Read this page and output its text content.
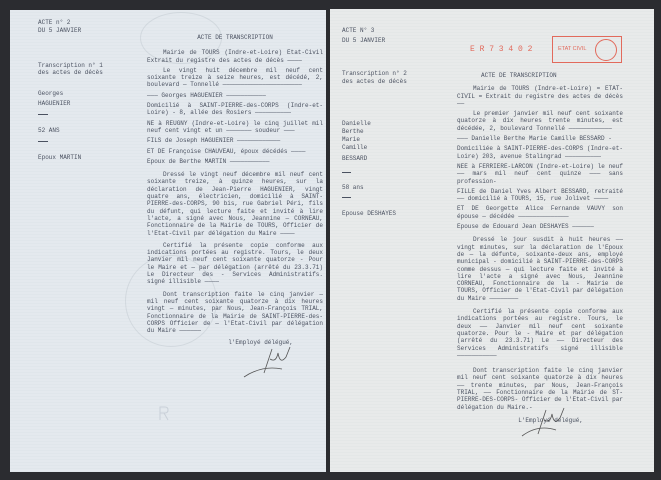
ACTE n° 2
DU 5 JANVIER
Transcription n° 1
des actes de décès
Georges
HAGUENIER
52 ANS
Epoux MARTIN

ACTE DE TRANSCRIPTION

Mairie de TOURS (Indre-et-Loire) Etat-Civil Extrait du registre des actes de décès ————

Le vingt huit décembre mil neuf cent soixante treize à seize heures, est décédé, 2, boulevard — Tonnellé ——————————————————————

——— Georges HAGUENIER ———————————

Domicilié à SAINT-PIERRE-des-CORPS (Indre-et-Loire) - 8, allée des Rosiers ——————————

NE à REUGNY (Indre-et-Loire) le cinq juillet mil neuf cent vingt et un ——————— soudeur ———

FILS de Joseph HAGUENIER ————————————

ET DE Françoise CHAUVEAU, époux décédés ————

Epoux de Berthe MARTIN ———————————

Dressé le vingt neuf décembre mil neuf cent soixante treize, à quinze heures, sur la déclaration de Jean-Pierre HAGUENIER, vingt quatre ans, électricien, domicilié à SAINT-PIERRE-des-CORPS, 90 bis, rue Gabriel Péri, fils du défunt, qui lecture faite et invité à lire l'acte, a signé avec Nous, Jeannine — CORNEAU, Fonctionnaire de la Mairie de TOURS, Officier de l'Etat-Civil par délégation du Maire ————

Certifié la présente copie conforme aux indications portées au registre. Tours, le deux Janvier mil neuf cent soixante quatorze - Pour le Maire et — par délégation (arrêté du 23.3.71) Le Directeur des - Services Administratifs. signé illisible ————

Dont transcription faite le cinq janvier — mil neuf cent soixante quatorze à dix heures vingt — minutes, par Nous, Jean-François TRIAL, Fonctionnaire de la Mairie de SAINT-PIERRE-des-CORPS Officier de — l'Etat-Civil par délégation du Maire ——————

l'Employé délégué,

ACTE N° 3
DU 5 JANVIER
E R 7 3 4 0 2	ETAT CIVIL
Transcription n° 2
des actes de décès
Danielle
Berthe
Marie
Camille
BESSARD
58 ans
Epouse DESHAYES

ACTE DE TRANSCRIPTION

Mairie de TOURS (Indre-et-Loire) = ETAT-CIVIL = Extrait du registre des actes de décès ——

Le premier janvier mil neuf cent soixante quatorze à dix heures trente minutes, est décédée, 2, boulevard Tonnellé ————————————

——— Danielle Berthe Marie Camille BESSARD -

Domiciliée à SAINT-PIERRE-des-CORPS (Indre-et-Loire) 203, avenue Stalingrad ——————————

NEE à FERRIERE-LARCON (Indre-et-Loire) le neuf —— mars mil neuf cent quinze ——— sans profession-

FILLE de Daniel Yves Albert BESSARD, retraité —— domicilié à TOURS, 15, rue Jolivet ————

ET DE Georgette Alice Fernande VAUVY son épouse — décédée ——————————————

Epouse de Edouard Jean DESHAYES ——————

Dressé le jour susdit à huit heures —— vingt minutes, sur la déclaration de l'Epoux de — la défunte, soixante-deux ans, employé municipal - domicilié à SAINT-PIERRE-des-CORPS comme dessus — qui lecture faite et invité à lire l'acte a signé avec Nous, Jeannine CORNEAU, Fonctionnaire de la - Mairie de TOURS, Officier de l'Etat-Civil par délégation du Maire ————————

Certifié la présente copie conforme aux indications portées au registre. Tours, le deux —— Janvier mil neuf cent soixante quatorze. Pour le - Maire et par délégation (arrêté du 23.3.71) Le —— Directeur des Services Administratifs signé illisible ———————————

Dont transcription faite le cinq janvier mil neuf cent soixante quatorze à dix heures —— trente minutes, par Nous, Jean-François TRIAL, —— Fonctionnaire de la Mairie de ST-PIERRE-DES-CORPS- Officier de l'Etat-Civil par délégation du Maire.-

L'Employé délégué,
